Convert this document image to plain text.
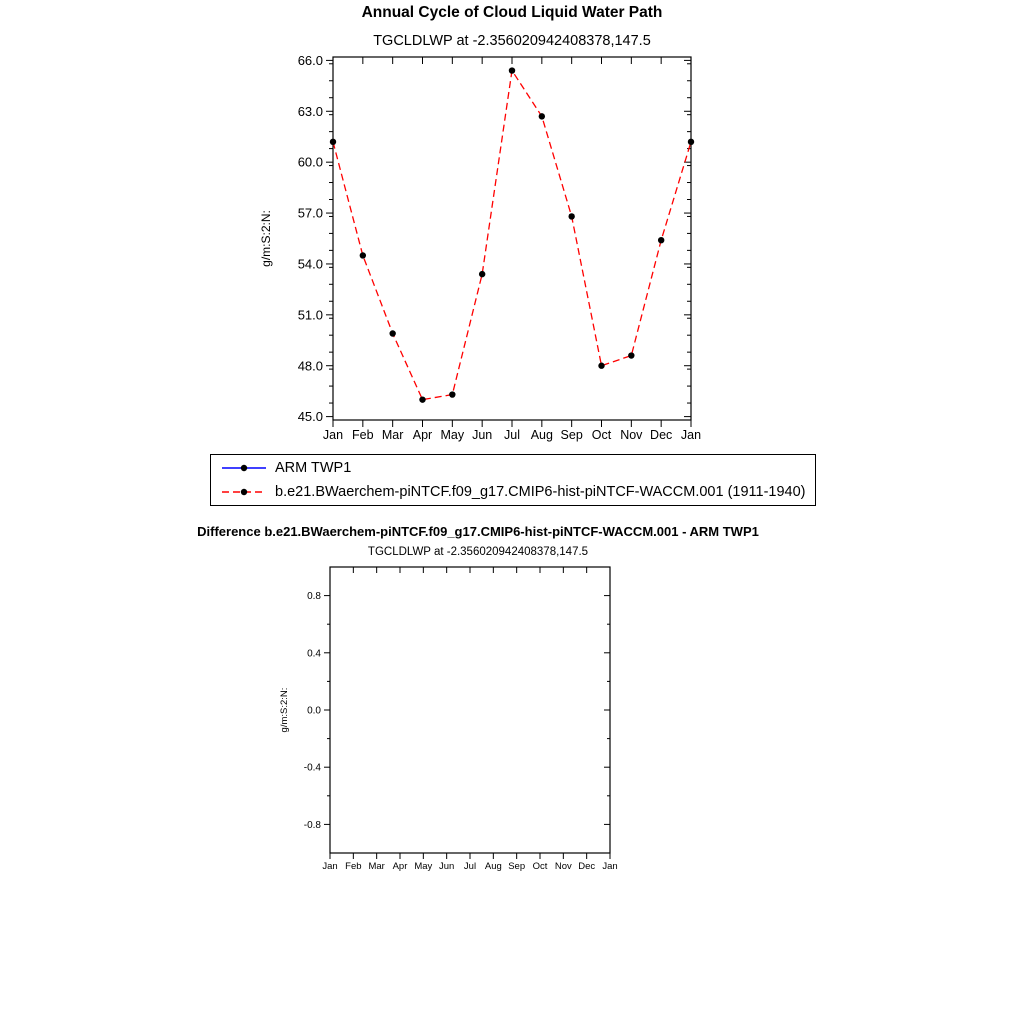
Annual Cycle of Cloud Liquid Water Path
TGCLDLWP at -2.356020942408378,147.5
Jan Feb Mar Apr May Jun Jul Aug Sep Oct Nov Dec Jan
45.0
48.0
51.0
54.0
57.0
60.0
63.0
66.0
g/m:S:2:N:
ARM TWP1
b.e21.BWaerchem-piNTCF.f09_g17.CMIP6-hist-piNTCF-WACCM.001 (1911-1940)
Difference b.e21.BWaerchem-piNTCF.f09_g17.CMIP6-hist-piNTCF-WACCM.001 - ARM TWP1
TGCLDLWP at -2.356020942408378,147.5
Jan Feb Mar Apr May Jun Jul Aug Sep Oct Nov Dec Jan
-0.8
-0.4
0.0
0.4
0.8
g/m:S:2:N:
